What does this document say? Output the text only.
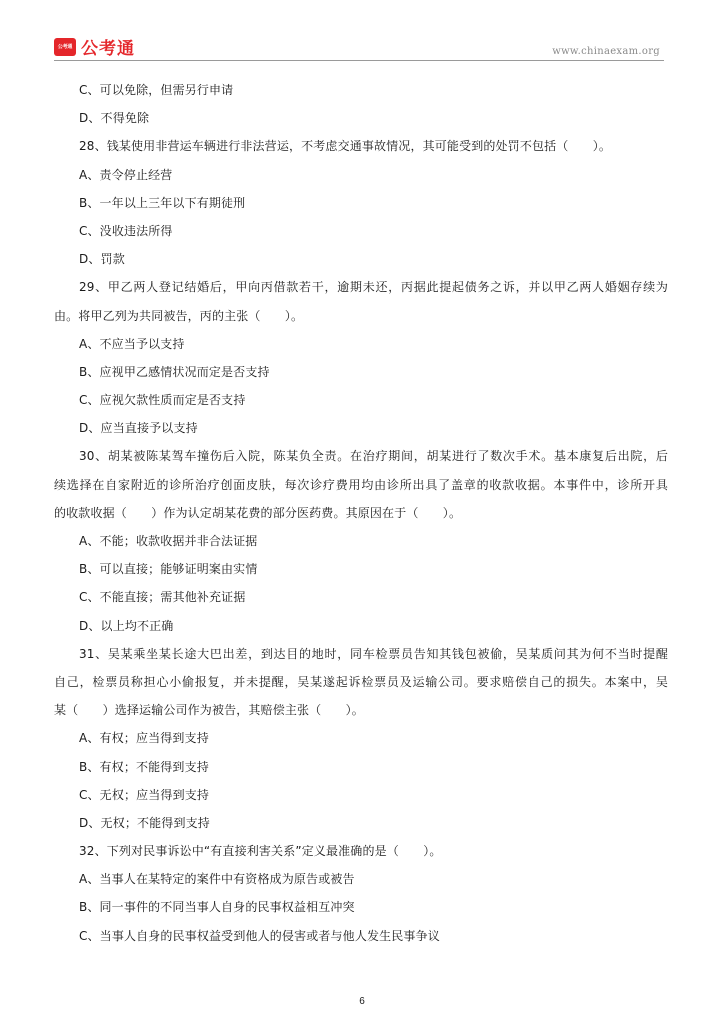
公考通 公考通	www.chinaexam.org
C、可以免除，但需另行申请
D、不得免除
28、钱某使用非营运车辆进行非法营运，不考虑交通事故情况，其可能受到的处罚不包括（　　）。
A、责令停止经营
B、一年以上三年以下有期徒刑
C、没收违法所得
D、罚款
29、甲乙两人登记结婚后，甲向丙借款若干，逾期未还，丙据此提起债务之诉，并以甲乙两人婚姻存续为
由。将甲乙列为共同被告，丙的主张（　　）。
A、不应当予以支持
B、应视甲乙感情状况而定是否支持
C、应视欠款性质而定是否支持
D、应当直接予以支持
30、胡某被陈某驾车撞伤后入院，陈某负全责。在治疗期间，胡某进行了数次手术。基本康复后出院，后
续选择在自家附近的诊所治疗创面皮肤，每次诊疗费用均由诊所出具了盖章的收款收据。本事件中，诊所开具
的收款收据（　　）作为认定胡某花费的部分医药费。其原因在于（　　）。
A、不能；收款收据并非合法证据
B、可以直接；能够证明案由实情
C、不能直接；需其他补充证据
D、以上均不正确
31、吴某乘坐某长途大巴出差，到达目的地时，同车检票员告知其钱包被偷，吴某质问其为何不当时提醒
自己，检票员称担心小偷报复，并未提醒，吴某遂起诉检票员及运输公司。要求赔偿自己的损失。本案中，吴
某（　　）选择运输公司作为被告，其赔偿主张（　　）。
A、有权；应当得到支持
B、有权；不能得到支持
C、无权；应当得到支持
D、无权；不能得到支持
32、下列对民事诉讼中“有直接利害关系”定义最准确的是（　　）。
A、当事人在某特定的案件中有资格成为原告或被告
B、同一事件的不同当事人自身的民事权益相互冲突
C、当事人自身的民事权益受到他人的侵害或者与他人发生民事争议
6
